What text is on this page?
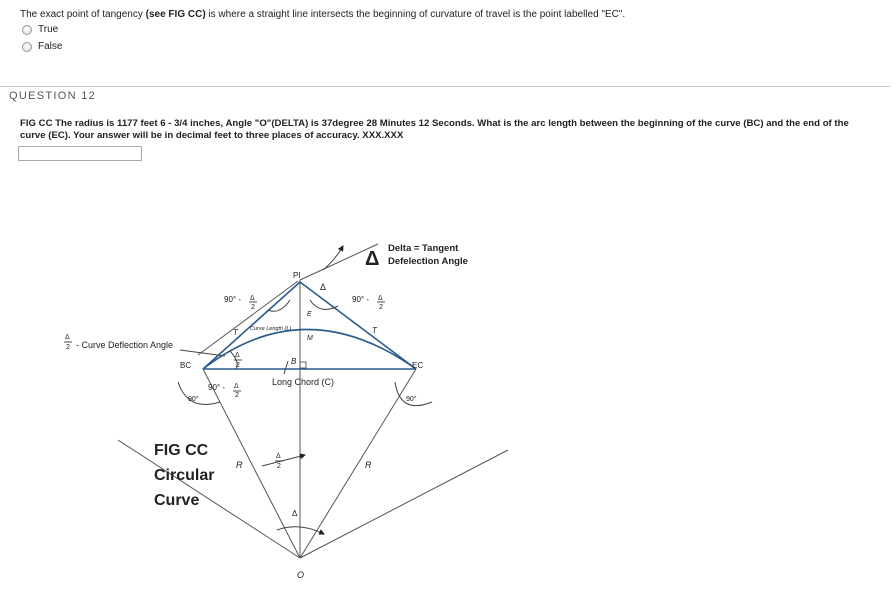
The exact point of tangency (see FIG CC) is where a straight line intersects the beginning of curvature of travel is the point labelled "EC".
True
False
QUESTION 12
FIG CC The radius is 1177 feet 6 - 3/4 inches, Angle "O"(DELTA) is 37degree 28 Minutes 12 Seconds. What is the arc length between the beginning of the curve (BC) and the end of the curve (EC). Your answer will be in decimal feet to three places of accuracy. XXX.XXX
Δ Delta = Tangent
Defelection Angle
PI
Δ
90° - Δ
2
90° - Δ
2
T	T
Curve Length (L)
E
M
Δ
2 - Curve Deflection Angle
Δ
2
BC	EC
B
Long Chord (C)
90° - Δ
2
90°	90°
FIG CC
Circular
Curve
R	R
Δ
2
Δ
O
